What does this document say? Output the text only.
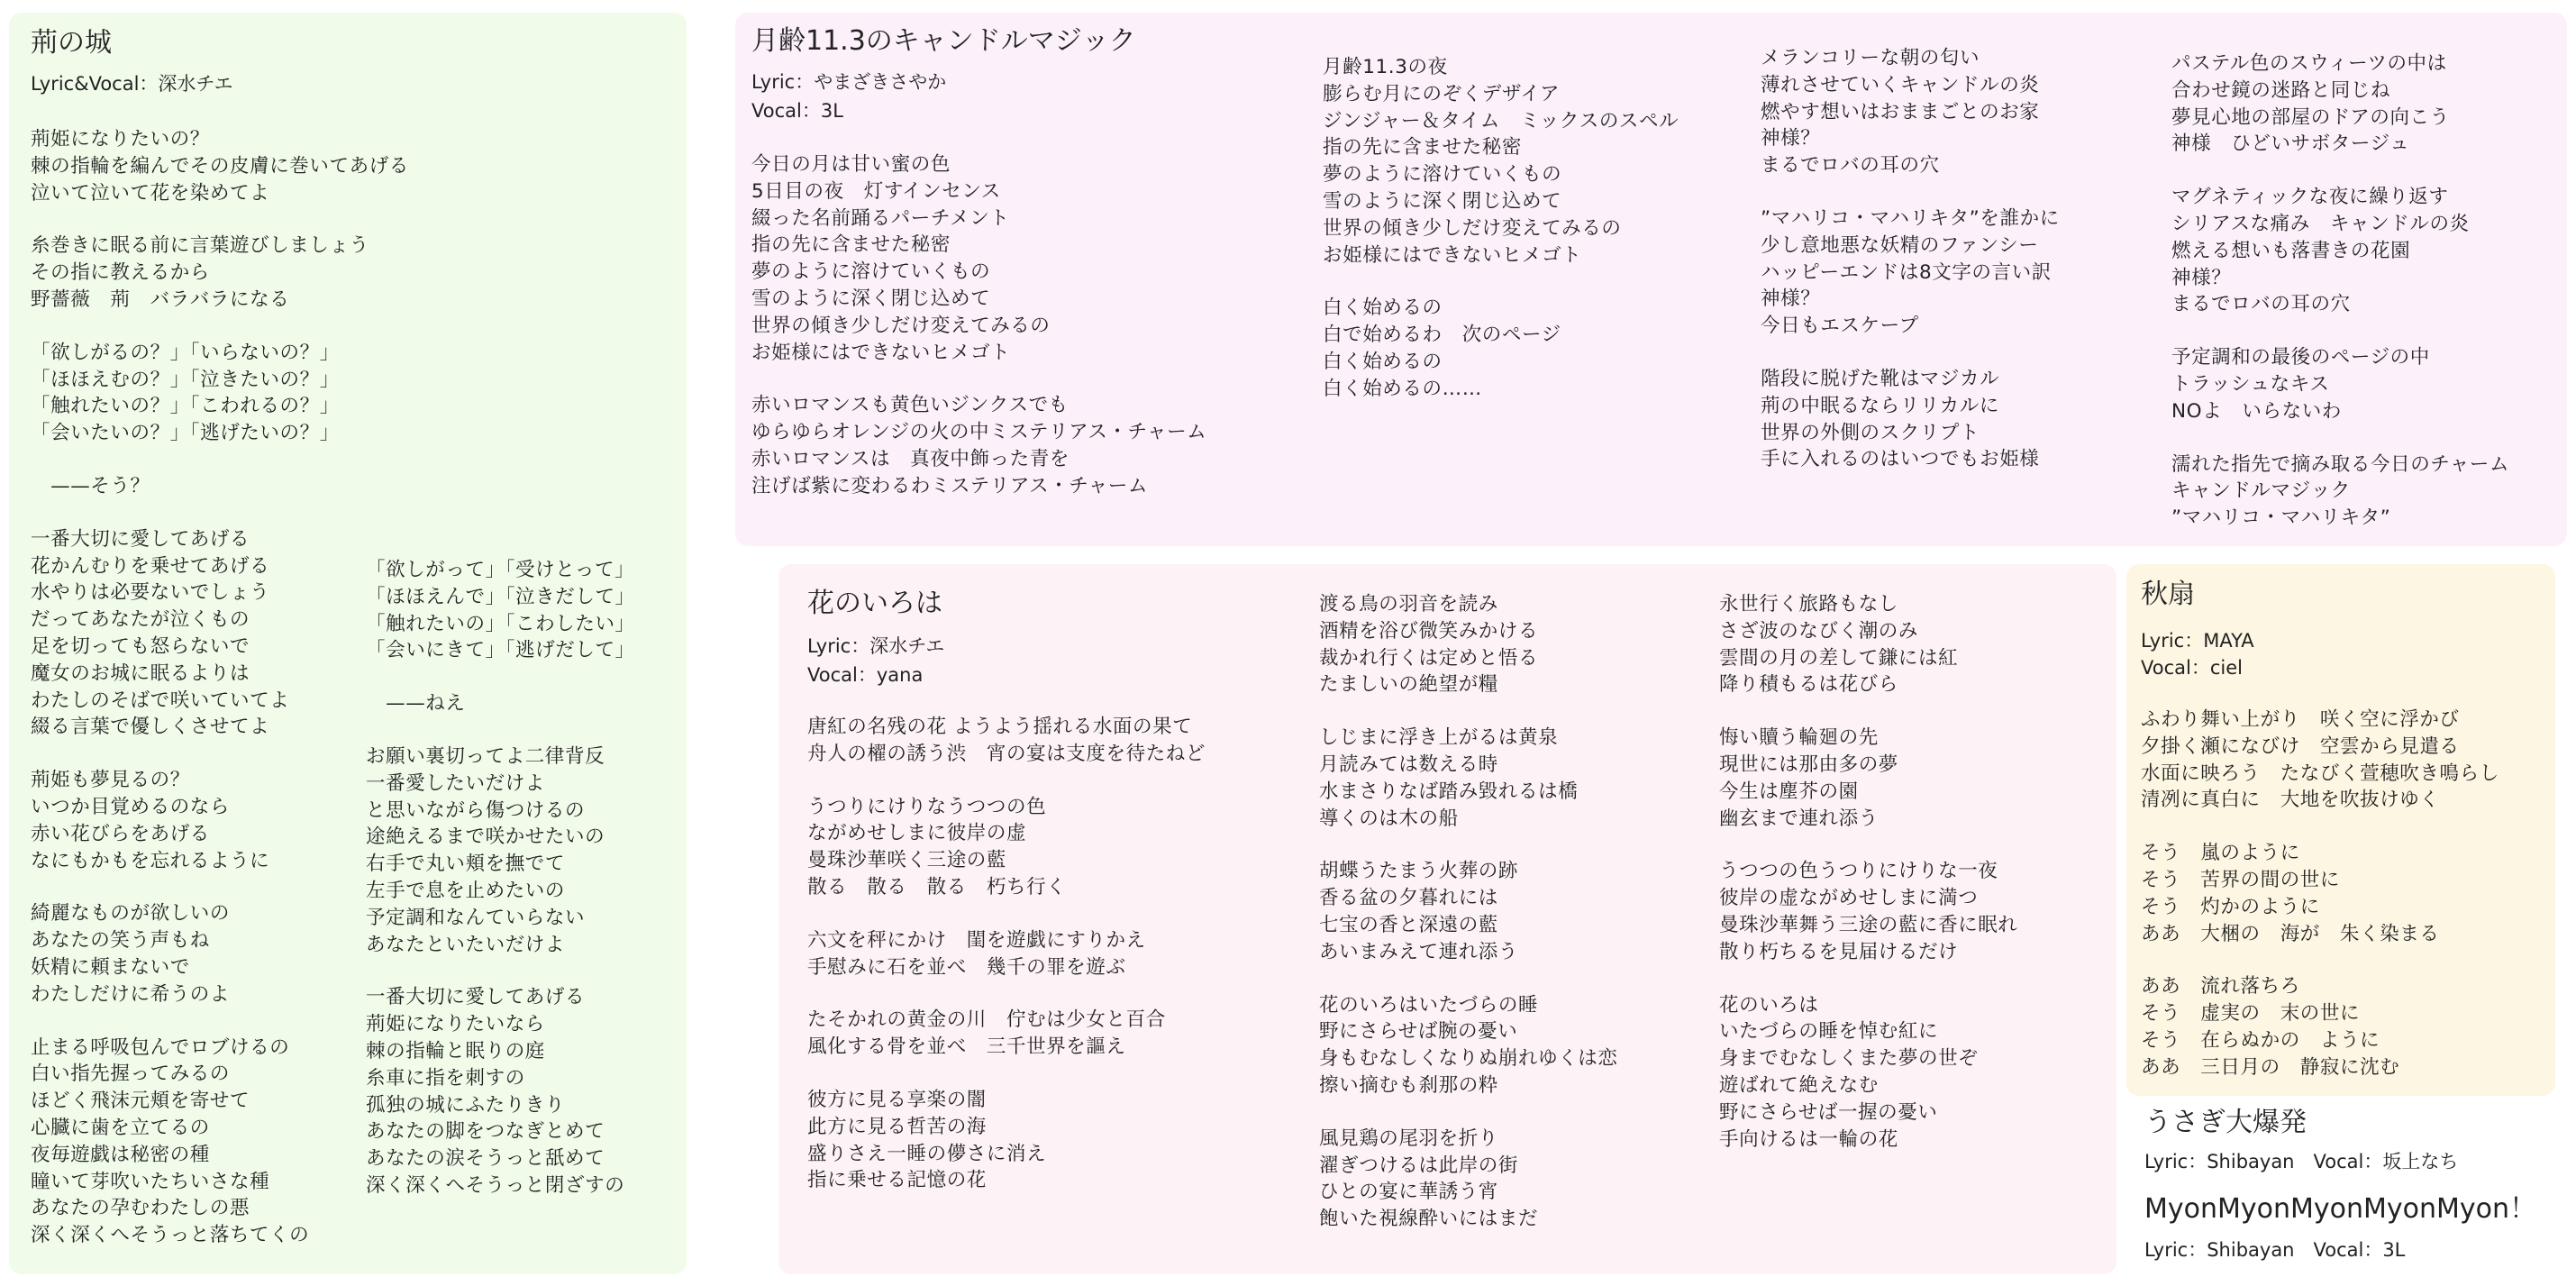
荊の城
Lyric&Vocal：深水チエ
荊姫になりたいの？
棘の指輪を編んでその皮膚に巻いてあげる
泣いて泣いて花を染めてよ
糸巻きに眠る前に言葉遊びしましょう
その指に教えるから
野薔薇　荊　バラバラになる
「欲しがるの？」「いらないの？」
「ほほえむの？」「泣きたいの？」
「触れたいの？」「こわれるの？」
「会いたいの？」「逃げたいの？」
　——そう？
一番大切に愛してあげる
花かんむりを乗せてあげる
水やりは必要ないでしょう
だってあなたが泣くもの
足を切っても怒らないで
魔女のお城に眠るよりは
わたしのそばで咲いていてよ
綴る言葉で優しくさせてよ
荊姫も夢見るの？
いつか目覚めるのなら
赤い花びらをあげる
なにもかもを忘れるように
綺麗なものが欲しいの
あなたの笑う声もね
妖精に頼まないで
わたしだけに希うのよ
止まる呼吸包んでロブけるの
白い指先握ってみるの
ほどく飛沫元頬を寄せて
心臓に歯を立てるの
夜毎遊戯は秘密の種
瞳いて芽吹いたちいさな種
あなたの孕むわたしの悪
深く深くへそうっと落ちてくの
「欲しがって」「受けとって」
「ほほえんで」「泣きだして」
「触れたいの」「こわしたい」
「会いにきて」「逃げだして」
　——ねえ
お願い裏切ってよ二律背反
一番愛したいだけよ
と思いながら傷つけるの
途絶えるまで咲かせたいの
右手で丸い頬を撫でて
左手で息を止めたいの
予定調和なんていらない
あなたといたいだけよ
一番大切に愛してあげる
荊姫になりたいなら
棘の指輪と眠りの庭
糸車に指を刺すの
孤独の城にふたりきり
あなたの脚をつなぎとめて
あなたの涙そうっと舐めて
深く深くへそうっと閉ざすの
月齢11.3のキャンドルマジック
Lyric：やまざきさやか
Vocal：3L
今日の月は甘い蜜の色
5日目の夜　灯すインセンス
綴った名前踊るパーチメント
指の先に含ませた秘密
夢のように溶けていくもの
雪のように深く閉じ込めて
世界の傾き少しだけ変えてみるの
お姫様にはできないヒメゴト
赤いロマンスも黄色いジンクスでも
ゆらゆらオレンジの火の中ミステリアス・チャーム
赤いロマンスは　真夜中飾った青を
注げば紫に変わるわミステリアス・チャーム
月齢11.3の夜
膨らむ月にのぞくデザイア
ジンジャー＆タイム　ミックスのスペル
指の先に含ませた秘密
夢のように溶けていくもの
雪のように深く閉じ込めて
世界の傾き少しだけ変えてみるの
お姫様にはできないヒメゴト
白く始めるの
白で始めるわ　次のページ
白く始めるの
白く始めるの……
メランコリーな朝の匂い
薄れさせていくキャンドルの炎
燃やす想いはおままごとのお家
神様？
まるでロバの耳の穴
”マハリコ・マハリキタ”を誰かに
少し意地悪な妖精のファンシー
ハッピーエンドは8文字の言い訳
神様？
今日もエスケープ
階段に脱げた靴はマジカル
荊の中眠るならリリカルに
世界の外側のスクリプト
手に入れるのはいつでもお姫様
パステル色のスウィーツの中は
合わせ鏡の迷路と同じね
夢見心地の部屋のドアの向こう
神様　ひどいサボタージュ
マグネティックな夜に繰り返す
シリアスな痛み　キャンドルの炎
燃える想いも落書きの花園
神様？
まるでロバの耳の穴
予定調和の最後のページの中
トラッシュなキス
NOよ　いらないわ
濡れた指先で摘み取る今日のチャーム
キャンドルマジック
”マハリコ・マハリキタ”
花のいろは
Lyric：深水チエ
Vocal：yana
唐紅の名残の花 ようよう揺れる水面の果て
舟人の櫂の誘う渋　宵の宴は支度を待たねど
うつりにけりなうつつの色
ながめせしまに彼岸の虚
曼珠沙華咲く三途の藍
散る　散る　散る　朽ち行く
六文を秤にかけ　閨を遊戯にすりかえ
手慰みに石を並べ　幾千の罪を遊ぶ
たそかれの黄金の川　佇むは少女と百合
風化する骨を並べ　三千世界を謳え
彼方に見る享楽の闇
此方に見る哲苦の海
盛りさえ一睡の儚さに消え
指に乗せる記憶の花
渡る鳥の羽音を読み
酒精を浴び微笑みかける
裁かれ行くは定めと悟る
たましいの絶望が糧
しじまに浮き上がるは黄泉
月読みては数える時
水まさりなば踏み毀れるは橋
導くのは木の船
胡蝶うたまう火葬の跡
香る盆の夕暮れには
七宝の香と深遠の藍
あいまみえて連れ添う
花のいろはいたづらの睡
野にさらせば腕の憂い
身もむなしくなりぬ崩れゆくは恋
擦い摘むも刹那の粋
風見鶏の尾羽を折り
濯ぎつけるは此岸の街
ひとの宴に華誘う宵
飽いた視線酔いにはまだ
永世行く旅路もなし
さざ波のなびく潮のみ
雲間の月の差して鎌には紅
降り積もるは花びら
悔い贖う輪廻の先
現世には那由多の夢
今生は塵芥の園
幽玄まで連れ添う
うつつの色うつりにけりな一夜
彼岸の虚ながめせしまに満つ
曼珠沙華舞う三途の藍に香に眠れ
散り朽ちるを見届けるだけ
花のいろは
いたづらの睡を悼む紅に
身までむなしくまた夢の世ぞ
遊ばれて絶えなむ
野にさらせば一握の憂い
手向けるは一輪の花
秋扇
Lyric：MAYA
Vocal：ciel
ふわり舞い上がり　咲く空に浮かび
夕掛く瀬になびけ　空雲から見遣る
水面に映ろう　たなびく萱穂吹き鳴らし
清冽に真白に　大地を吹抜けゆく
そう　嵐のように
そう　苦界の間の世に
そう　灼かのように
ああ　大梱の　海が　朱く染まる
ああ　流れ落ちろ
そう　虚実の　末の世に
そう　在らぬかの　ように
ああ　三日月の　静寂に沈む
うさぎ大爆発
Lyric：Shibayan　Vocal：坂上なち
MyonMyonMyonMyonMyon！
Lyric：Shibayan　Vocal：3L
